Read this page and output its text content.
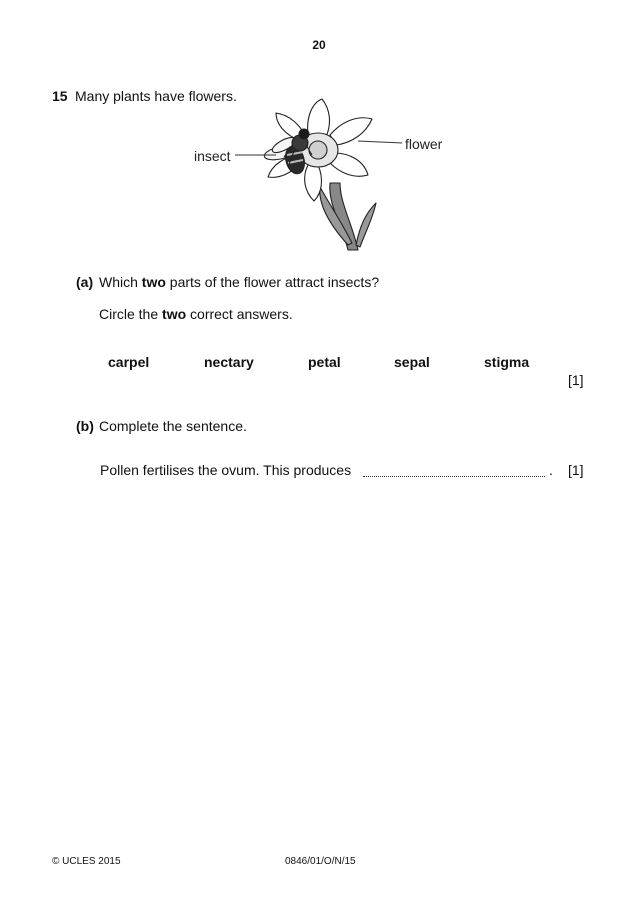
20
15 Many plants have flowers.
insect
flower
(a) Which two parts of the flower attract insects?
Circle the two correct answers.
carpel	nectary	petal	sepal	stigma
[1]
(b) Complete the sentence.
Pollen fertilises the ovum. This produces	. [1]
© UCLES 2015	0846/01/O/N/15
